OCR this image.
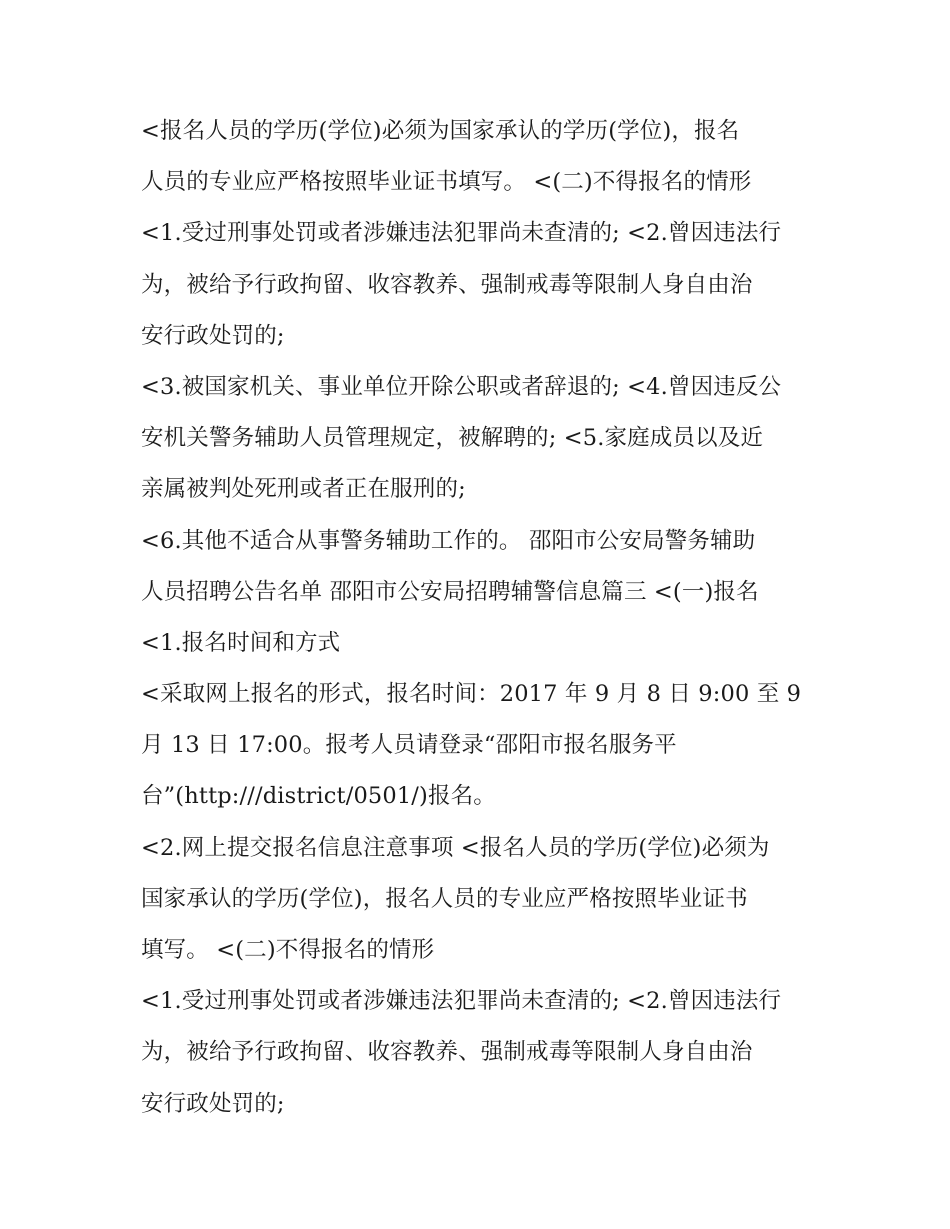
<报名人员的学历(学位)必须为国家承认的学历(学位)，报名
人员的专业应严格按照毕业证书填写。 <(二)不得报名的情形
<1.受过刑事处罚或者涉嫌违法犯罪尚未查清的; <2.曾因违法行
为，被给予行政拘留、收容教养、强制戒毒等限制人身自由治
安行政处罚的;
<3.被国家机关、事业单位开除公职或者辞退的; <4.曾因违反公
安机关警务辅助人员管理规定，被解聘的; <5.家庭成员以及近
亲属被判处死刑或者正在服刑的;
<6.其他不适合从事警务辅助工作的。 邵阳市公安局警务辅助
人员招聘公告名单 邵阳市公安局招聘辅警信息篇三 <(一)报名
<1.报名时间和方式
<采取网上报名的形式，报名时间：2017 年 9 月 8 日 9:00 至 9
月 13 日 17:00。报考人员请登录“邵阳市报名服务平
台”(http:///district/0501/)报名。
<2.网上提交报名信息注意事项 <报名人员的学历(学位)必须为
国家承认的学历(学位)，报名人员的专业应严格按照毕业证书
填写。 <(二)不得报名的情形
<1.受过刑事处罚或者涉嫌违法犯罪尚未查清的; <2.曾因违法行
为，被给予行政拘留、收容教养、强制戒毒等限制人身自由治
安行政处罚的;
